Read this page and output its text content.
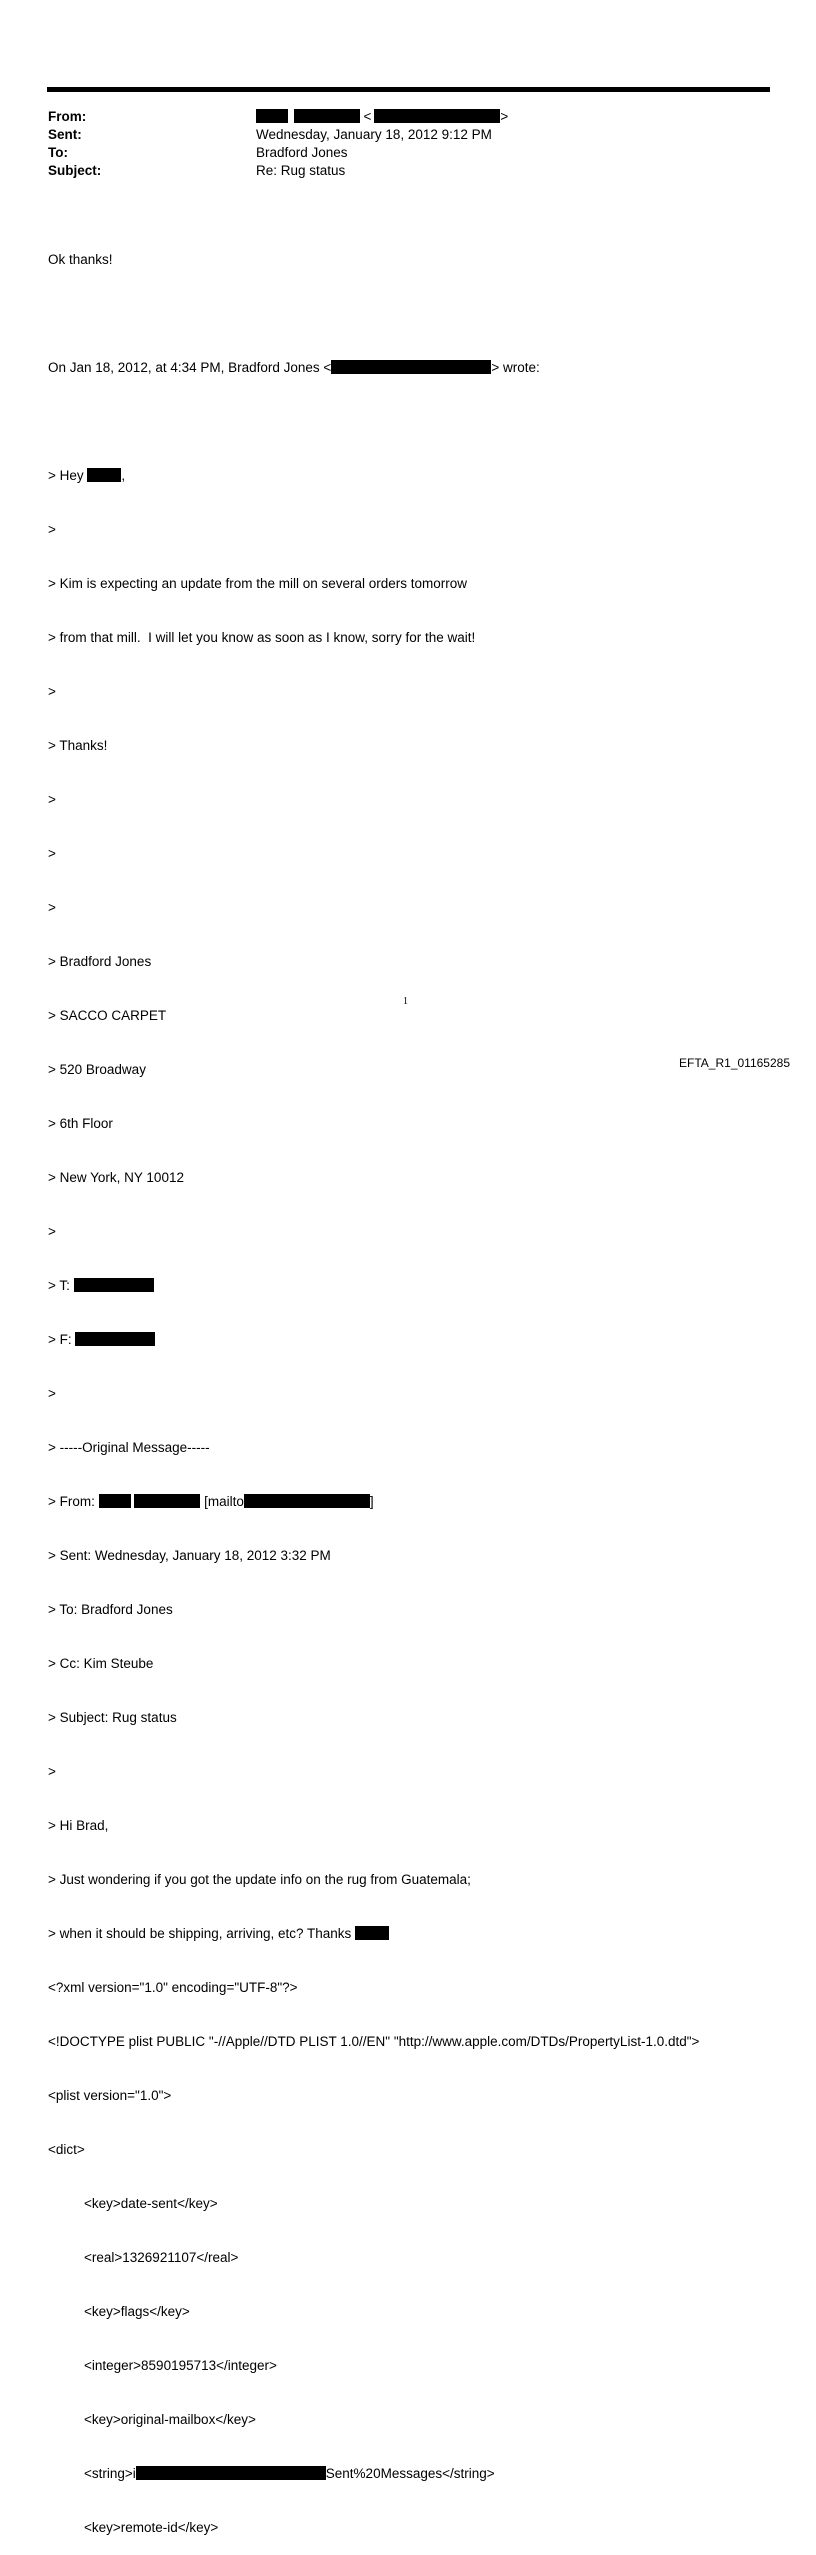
From:	<	>
Sent:	Wednesday, January 18, 2012 9:12 PM
To:	Bradford Jones
Subject:	Re: Rug status

Ok thanks!

On Jan 18, 2012, at 4:34 PM, Bradford Jones <	> wrote:

> Hey	,

>

> Kim is expecting an update from the mill on several orders tomorrow

> from that mill.  I will let you know as soon as I know, sorry for the wait!

>

> Thanks!

>

>

>

> Bradford Jones

> SACCO CARPET

> 520 Broadway

> 6th Floor

> New York, NY 10012

>

> T:

> F:

>

> -----Original Message-----

> From:	[mailto	]

> Sent: Wednesday, January 18, 2012 3:32 PM

> To: Bradford Jones

> Cc: Kim Steube

> Subject: Rug status

>

> Hi Brad,

> Just wondering if you got the update info on the rug from Guatemala;

> when it should be shipping, arriving, etc? Thanks

<?xml version="1.0" encoding="UTF-8"?>

<!DOCTYPE plist PUBLIC "-//Apple//DTD PLIST 1.0//EN" "http://www.apple.com/DTDs/PropertyList-1.0.dtd">

<plist version="1.0">

<dict>

<key>date-sent</key>

<real>1326921107</real>

<key>flags</key>

<integer>8590195713</integer>

<key>original-mailbox</key>

<string>i	Sent%20Messages</string>

<key>remote-id</key>

1
EFTA_R1_01165285
